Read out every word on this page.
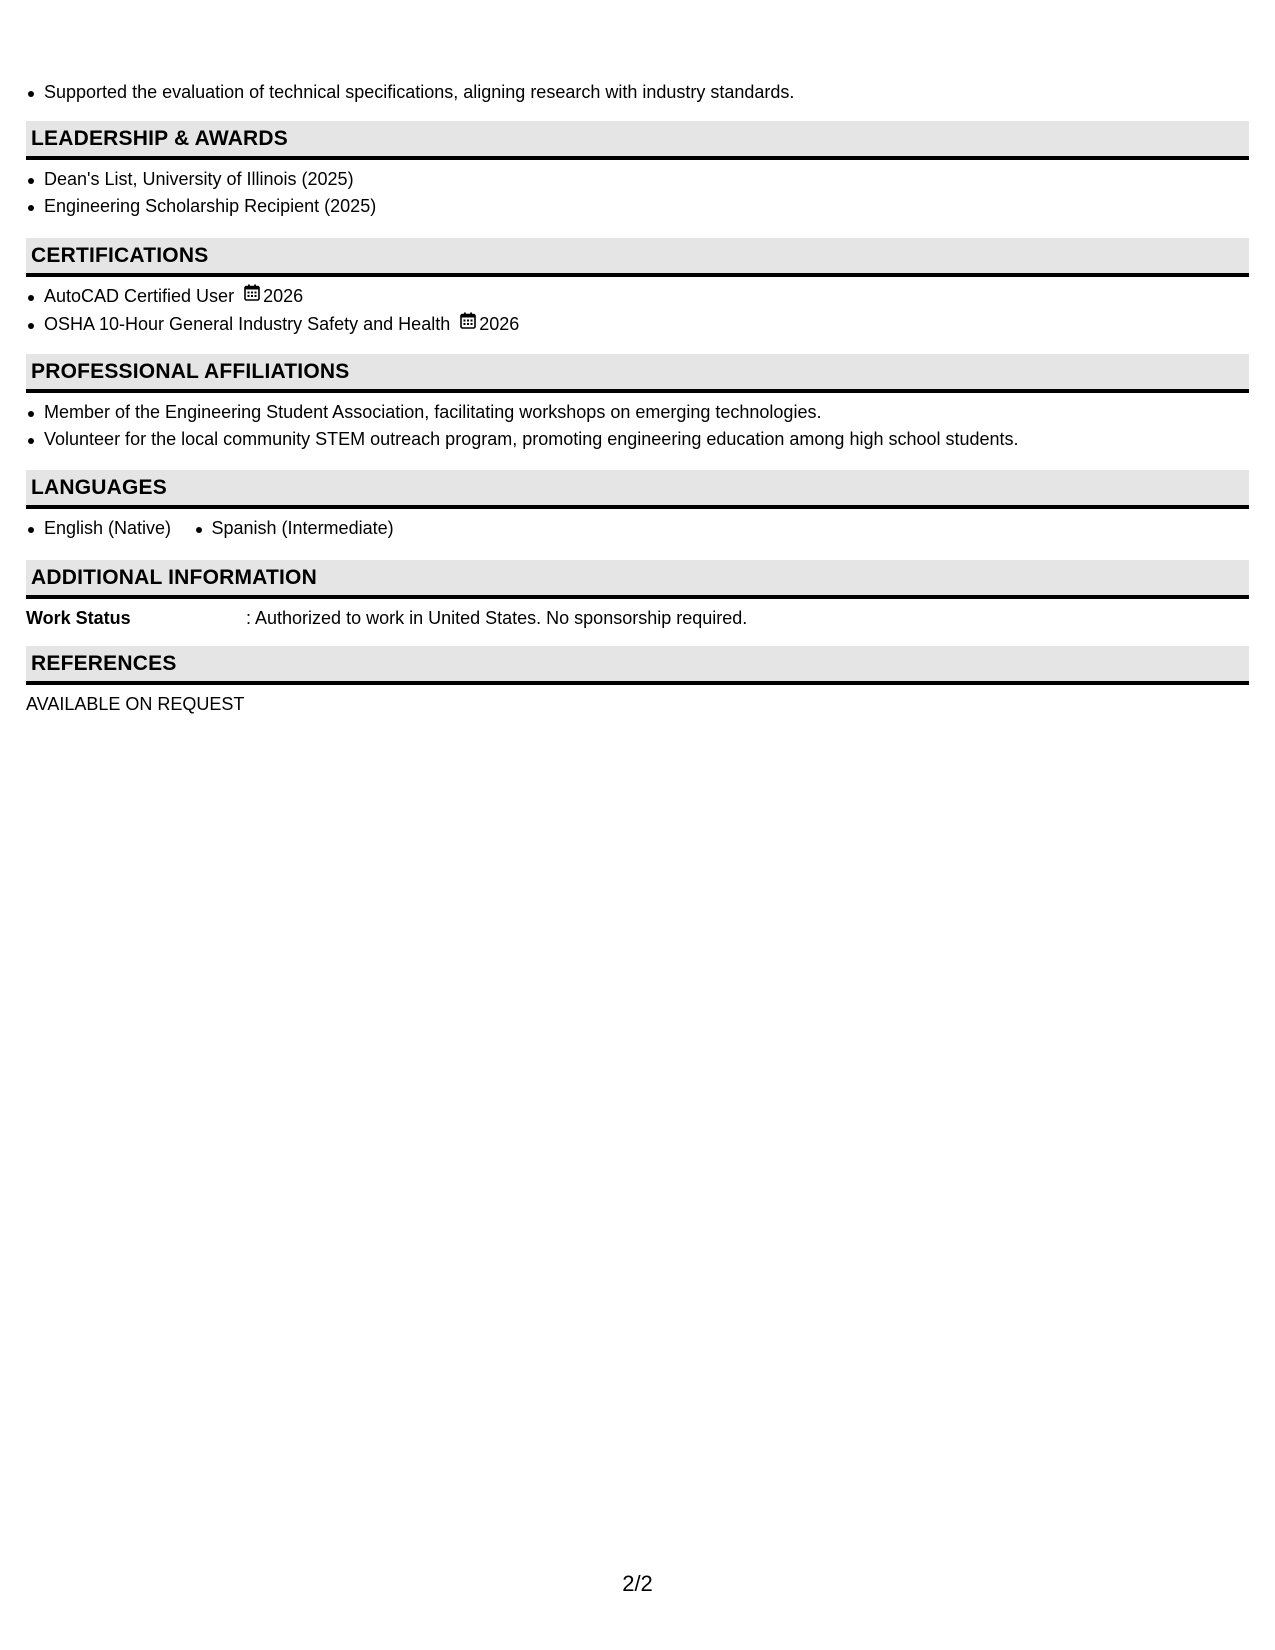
Supported the evaluation of technical specifications, aligning research with industry standards.
LEADERSHIP & AWARDS
Dean's List, University of Illinois (2025)
Engineering Scholarship Recipient (2025)
CERTIFICATIONS
AutoCAD Certified User 2026
OSHA 10-Hour General Industry Safety and Health 2026
PROFESSIONAL AFFILIATIONS
Member of the Engineering Student Association, facilitating workshops on emerging technologies.
Volunteer for the local community STEM outreach program, promoting engineering education among high school students.
LANGUAGES
English (Native) Spanish (Intermediate)
ADDITIONAL INFORMATION
Work Status	: Authorized to work in United States. No sponsorship required.
REFERENCES
AVAILABLE ON REQUEST
2/2
